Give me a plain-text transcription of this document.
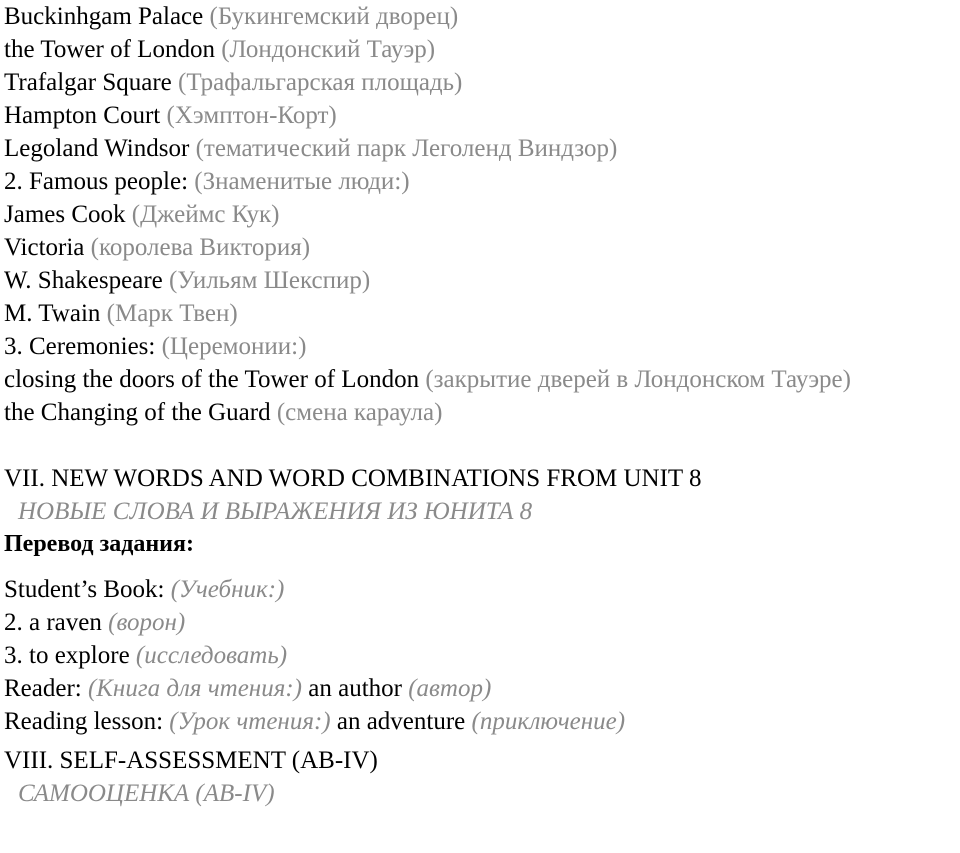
Buckinhgam Palace (Букингемский дворец)
the Tower of London (Лондонский Тауэр)
Trafalgar Square (Трафальгарская площадь)
Hampton Court (Хэмптон-Корт)
Legoland Windsor (тематический парк Леголенд Виндзор)
2. Famous people: (Знаменитые люди:)
James Cook (Джеймс Кук)
Victoria (королева Виктория)
W. Shakespeare (Уильям Шекспир)
M. Twain (Марк Твен)
3. Ceremonies: (Церемонии:)
closing the doors of the Tower of London (закрытие дверей в Лондонском Тауэре)
the Changing of the Guard (смена караула)
VII. NEW WORDS AND WORD COMBINATIONS FROM UNIT 8
НОВЫЕ СЛОВА И ВЫРАЖЕНИЯ ИЗ ЮНИТА 8
Перевод задания:
Student’s Book: (Учебник:)
2. a raven (ворон)
3. to explore (исследовать)
Reader: (Книга для чтения:) an author (автор)
Reading lesson: (Урок чтения:) an adventure (приключение)
VIII. SELF-ASSESSMENT (AB-IV)
САМООЦЕНКА (AB-IV)
